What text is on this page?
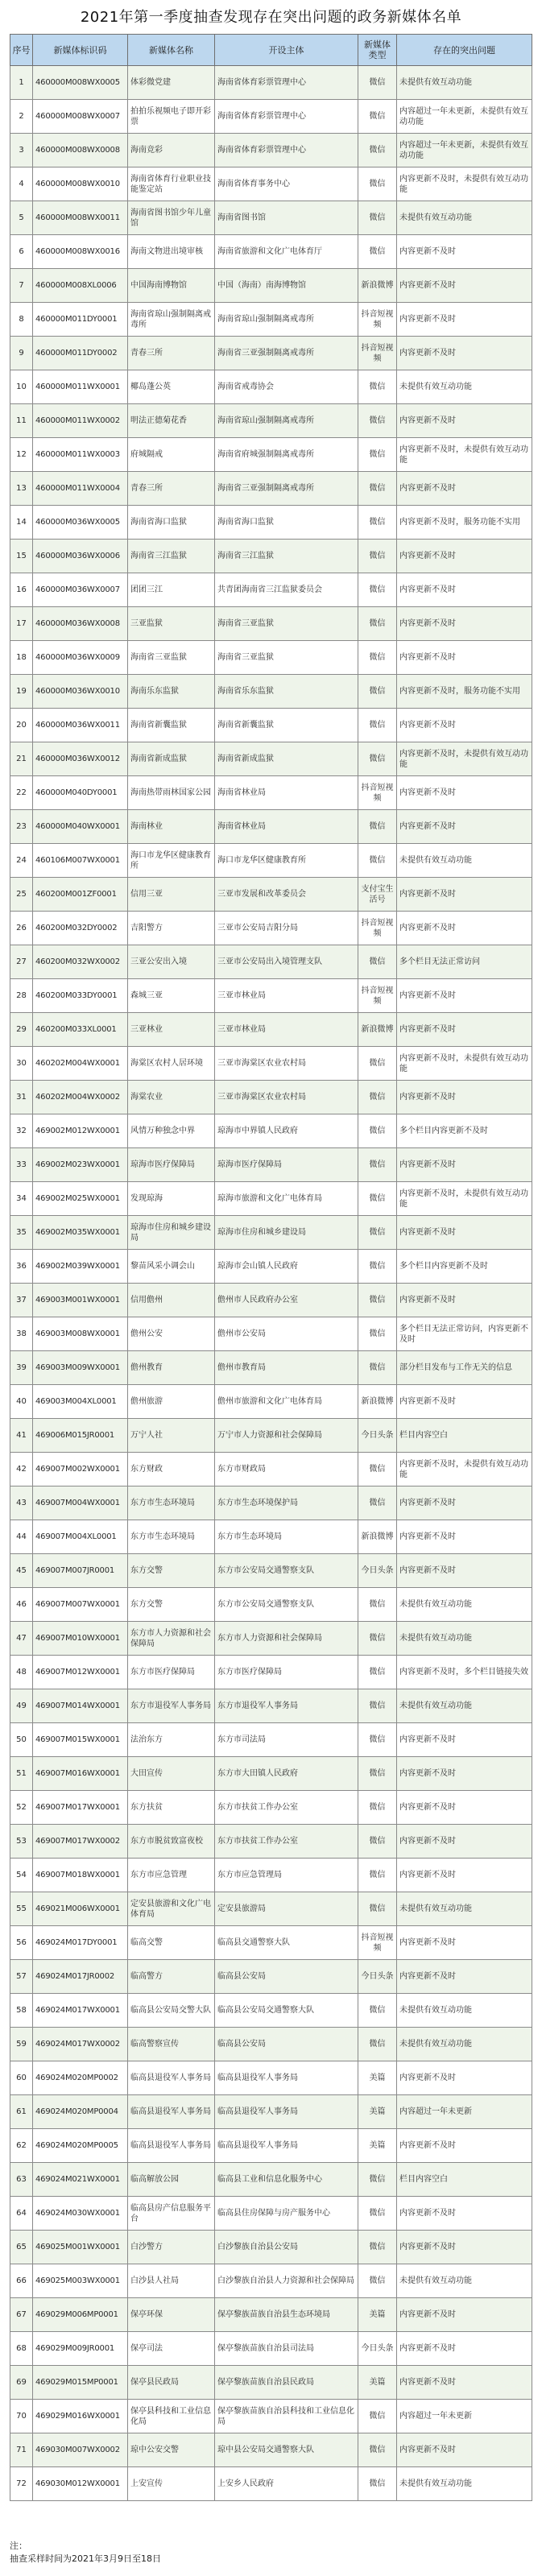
2021年第一季度抽查发现存在突出问题的政务新媒体名单
序号	新媒体标识码	新媒体名称	开设主体	新媒体类型	存在的突出问题
1	460000M008WX0005	体彩微党建	海南省体育彩票管理中心	微信	未提供有效互动功能
2	460000M008WX0007	拍拍乐视频电子即开彩票	海南省体育彩票管理中心	微信	内容超过一年未更新，未提供有效互动功能
3	460000M008WX0008	海南竞彩	海南省体育彩票管理中心	微信	内容超过一年未更新，未提供有效互动功能
4	460000M008WX0010	海南省体育行业职业技能鉴定站	海南省体育事务中心	微信	内容更新不及时，未提供有效互动功能
5	460000M008WX0011	海南省图书馆少年儿童馆	海南省图书馆	微信	未提供有效互动功能
6	460000M008WX0016	海南文物进出境审核	海南省旅游和文化广电体育厅	微信	内容更新不及时
7	460000M008XL0006	中国海南博物馆	中国（海南）南海博物馆	新浪微博	内容更新不及时
8	460000M011DY0001	海南省琼山强制隔离戒毒所	海南省琼山强制隔离戒毒所	抖音短视频	内容更新不及时
9	460000M011DY0002	青春三所	海南省三亚强制隔离戒毒所	抖音短视频	内容更新不及时
10	460000M011WX0001	椰岛蓬公英	海南省戒毒协会	微信	未提供有效互动功能
11	460000M011WX0002	明法正德菊花香	海南省琼山强制隔离戒毒所	微信	内容更新不及时
12	460000M011WX0003	府城隔戒	海南省府城强制隔离戒毒所	微信	内容更新不及时，未提供有效互动功能
13	460000M011WX0004	青春三所	海南省三亚强制隔离戒毒所	微信	内容更新不及时
14	460000M036WX0005	海南省海口监狱	海南省海口监狱	微信	内容更新不及时，服务功能不实用
15	460000M036WX0006	海南省三江监狱	海南省三江监狱	微信	内容更新不及时
16	460000M036WX0007	团团三江	共青团海南省三江监狱委员会	微信	内容更新不及时
17	460000M036WX0008	三亚监狱	海南省三亚监狱	微信	内容更新不及时
18	460000M036WX0009	海南省三亚监狱	海南省三亚监狱	微信	内容更新不及时
19	460000M036WX0010	海南乐东监狱	海南省乐东监狱	微信	内容更新不及时，服务功能不实用
20	460000M036WX0011	海南省新囊监狱	海南省新囊监狱	微信	内容更新不及时
21	460000M036WX0012	海南省新成监狱	海南省新成监狱	微信	内容更新不及时，未提供有效互动功能
22	460000M040DY0001	海南热带雨林国家公园	海南省林业局	抖音短视频	内容更新不及时
23	460000M040WX0001	海南林业	海南省林业局	微信	内容更新不及时
24	460106M007WX0001	海口市龙华区健康教育所	海口市龙华区健康教育所	微信	未提供有效互动功能
25	460200M001ZF0001	信用三亚	三亚市发展和改革委员会	支付宝生活号	内容更新不及时
26	460200M032DY0002	吉阳警方	三亚市公安局吉阳分局	抖音短视频	内容更新不及时
27	460200M032WX0002	三亚公安出入境	三亚市公安局出入境管理支队	微信	多个栏目无法正常访问
28	460200M033DY0001	森城三亚	三亚市林业局	抖音短视频	内容更新不及时
29	460200M033XL0001	三亚林业	三亚市林业局	新浪微博	内容更新不及时
30	460202M004WX0001	海棠区农村人居环境	三亚市海棠区农业农村局	微信	内容更新不及时，未提供有效互动功能
31	460202M004WX0002	海棠农业	三亚市海棠区农业农村局	微信	内容更新不及时
32	469002M012WX0001	风情万种独念中界	琼海市中界镇人民政府	微信	多个栏目内容更新不及时
33	469002M023WX0001	琼海市医疗保障局	琼海市医疗保障局	微信	内容更新不及时
34	469002M025WX0001	发现琼海	琼海市旅游和文化广电体育局	微信	内容更新不及时，未提供有效互动功能
35	469002M035WX0001	琼海市住房和城乡建设局	琼海市住房和城乡建设局	微信	内容更新不及时
36	469002M039WX0001	黎苗风采小调会山	琼海市会山镇人民政府	微信	多个栏目内容更新不及时
37	469003M001WX0001	信用儋州	儋州市人民政府办公室	微信	内容更新不及时
38	469003M008WX0001	儋州公安	儋州市公安局	微信	多个栏目无法正常访问，内容更新不及时
39	469003M009WX0001	儋州教育	儋州市教育局	微信	部分栏目发布与工作无关的信息
40	469003M004XL0001	儋州旅游	儋州市旅游和文化广电体育局	新浪微博	内容更新不及时
41	469006M015JR0001	万宁人社	万宁市人力资源和社会保障局	今日头条	栏目内容空白
42	469007M002WX0001	东方财政	东方市财政局	微信	内容更新不及时，未提供有效互动功能
43	469007M004WX0001	东方市生态环境局	东方市生态环境保护局	微信	内容更新不及时
44	469007M004XL0001	东方市生态环境局	东方市生态环境局	新浪微博	内容更新不及时
45	469007M007JR0001	东方交警	东方市公安局交通警察支队	今日头条	内容更新不及时
46	469007M007WX0001	东方交警	东方市公安局交通警察支队	微信	未提供有效互动功能
47	469007M010WX0001	东方市人力资源和社会保障局	东方市人力资源和社会保障局	微信	未提供有效互动功能
48	469007M012WX0001	东方市医疗保障局	东方市医疗保障局	微信	内容更新不及时，多个栏目链接失效
49	469007M014WX0001	东方市退役军人事务局	东方市退役军人事务局	微信	未提供有效互动功能
50	469007M015WX0001	法治东方	东方市司法局	微信	内容更新不及时
51	469007M016WX0001	大田宣传	东方市大田镇人民政府	微信	内容更新不及时
52	469007M017WX0001	东方扶贫	东方市扶贫工作办公室	微信	内容更新不及时
53	469007M017WX0002	东方市脱贫致富夜校	东方市扶贫工作办公室	微信	内容更新不及时
54	469007M018WX0001	东方市应急管理	东方市应急管理局	微信	内容更新不及时
55	469021M006WX0001	定安县旅游和文化广电体育局	定安县旅游局	微信	未提供有效互动功能
56	469024M017DY0001	临高交警	临高县交通警察大队	抖音短视频	内容更新不及时
57	469024M017JR0002	临高警方	临高县公安局	今日头条	内容更新不及时
58	469024M017WX0001	临高县公安局交警大队	临高县公安局交通警察大队	微信	未提供有效互动功能
59	469024M017WX0002	临高警察宣传	临高县公安局	微信	未提供有效互动功能
60	469024M020MP0002	临高县退役军人事务局	临高县退役军人事务局	美篇	内容更新不及时
61	469024M020MP0004	临高县退役军人事务局	临高县退役军人事务局	美篇	内容超过一年未更新
62	469024M020MP0005	临高县退役军人事务局	临高县退役军人事务局	美篇	内容更新不及时
63	469024M021WX0001	临高解放公园	临高县工业和信息化服务中心	微信	栏目内容空白
64	469024M030WX0001	临高县房产信息服务平台	临高县住房保障与房产服务中心	微信	内容更新不及时
65	469025M001WX0001	白沙警方	白沙黎族自治县公安局	微信	内容更新不及时
66	469025M003WX0001	白沙县人社局	白沙黎族自治县人力资源和社会保障局	微信	未提供有效互动功能
67	469029M006MP0001	保亭环保	保亭黎族苗族自治县生态环境局	美篇	内容更新不及时
68	469029M009JR0001	保亭司法	保亭黎族苗族自治县司法局	今日头条	内容更新不及时
69	469029M015MP0001	保亭县民政局	保亭黎族苗族自治县民政局	美篇	内容更新不及时
70	469029M016WX0001	保亭县科技和工业信息化局	保亭黎族苗族自治县科技和工业信息化局	微信	内容超过一年未更新
71	469030M007WX0002	琼中公安交警	琼中县公安局交通警察大队	微信	内容更新不及时
72	469030M012WX0001	上安宣传	上安乡人民政府	微信	未提供有效互动功能
注：
抽查采样时间为2021年3月9日至18日
